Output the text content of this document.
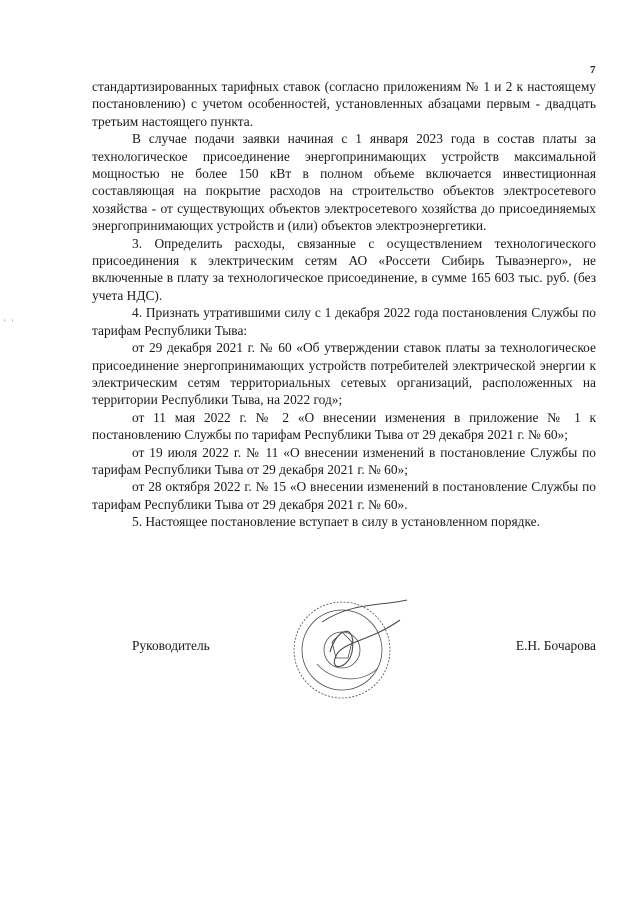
7
' '

стандартизированных тарифных ставок (согласно приложениям № 1 и 2 к настоящему постановлению) с учетом особенностей, установленных абзацами первым - двадцать третьим настоящего пункта.

В случае подачи заявки начиная с 1 января 2023 года в состав платы за технологическое присоединение энергопринимающих устройств максимальной мощностью не более 150 кВт в полном объеме включается инвестиционная составляющая на покрытие расходов на строительство объектов электросетевого хозяйства - от существующих объектов электросетевого хозяйства до присоединяемых энергопринимающих устройств и (или) объектов электроэнергетики.

3. Определить расходы, связанные с осуществлением технологического присоединения к электрическим сетям АО «Россети Сибирь Тываэнерго», не включенные в плату за технологическое присоединение, в сумме 165 603 тыс. руб. (без учета НДС).

4. Признать утратившими силу с 1 декабря 2022 года постановления Службы по тарифам Республики Тыва:

от 29 декабря 2021 г. № 60 «Об утверждении ставок платы за технологическое присоединение энергопринимающих устройств потребителей электрической энергии к электрическим сетям территориальных сетевых организаций, расположенных на территории Республики Тыва, на 2022 год»;

от 11 мая 2022 г. № 2 «О внесении изменения в приложение № 1 к постановлению Службы по тарифам Республики Тыва от 29 декабря 2021 г. № 60»;

от 19 июля 2022 г. № 11 «О внесении изменений в постановление Службы по тарифам Республики Тыва от 29 декабря 2021 г. № 60»;

от 28 октября 2022 г. № 15 «О внесении изменений в постановление Службы по тарифам Республики Тыва от 29 декабря 2021 г. № 60».

5. Настоящее постановление вступает в силу в установленном порядке.

Руководитель	Е.Н. Бочарова
